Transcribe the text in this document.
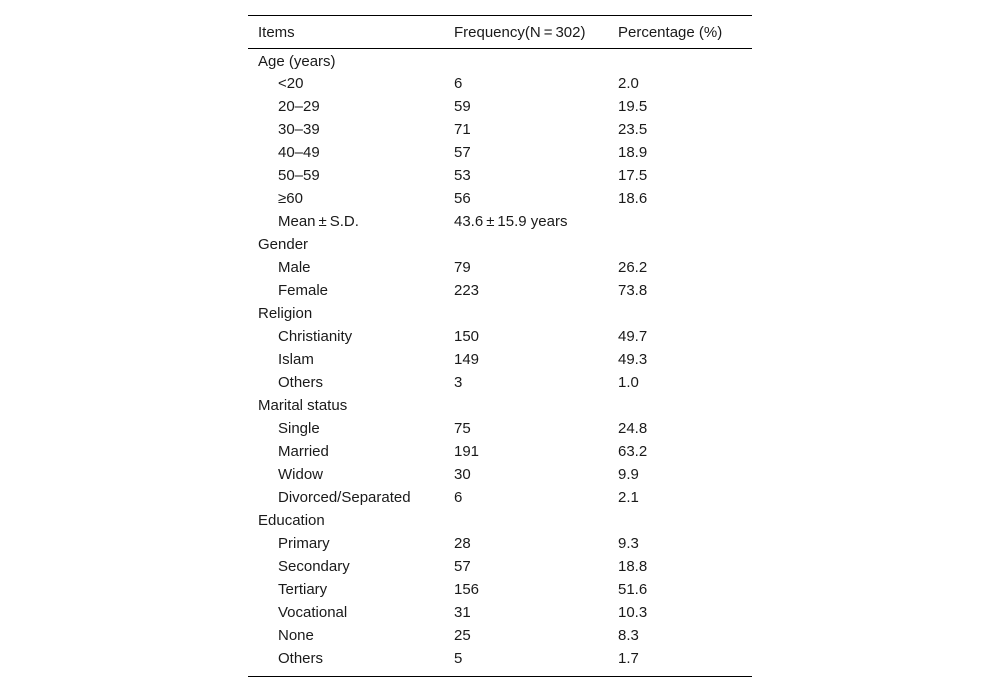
Items	Frequency(N = 302)	Percentage (%)
Age (years)		
<20	6	2.0
20–29	59	19.5
30–39	71	23.5
40–49	57	18.9
50–59	53	17.5
≥60	56	18.6
Mean ± S.D.	43.6 ± 15.9 years	
Gender		
Male	79	26.2
Female	223	73.8
Religion		
Christianity	150	49.7
Islam	149	49.3
Others	3	1.0
Marital status		
Single	75	24.8
Married	191	63.2
Widow	30	9.9
Divorced/Separated	6	2.1
Education		
Primary	28	9.3
Secondary	57	18.8
Tertiary	156	51.6
Vocational	31	10.3
None	25	8.3
Others	5	1.7
